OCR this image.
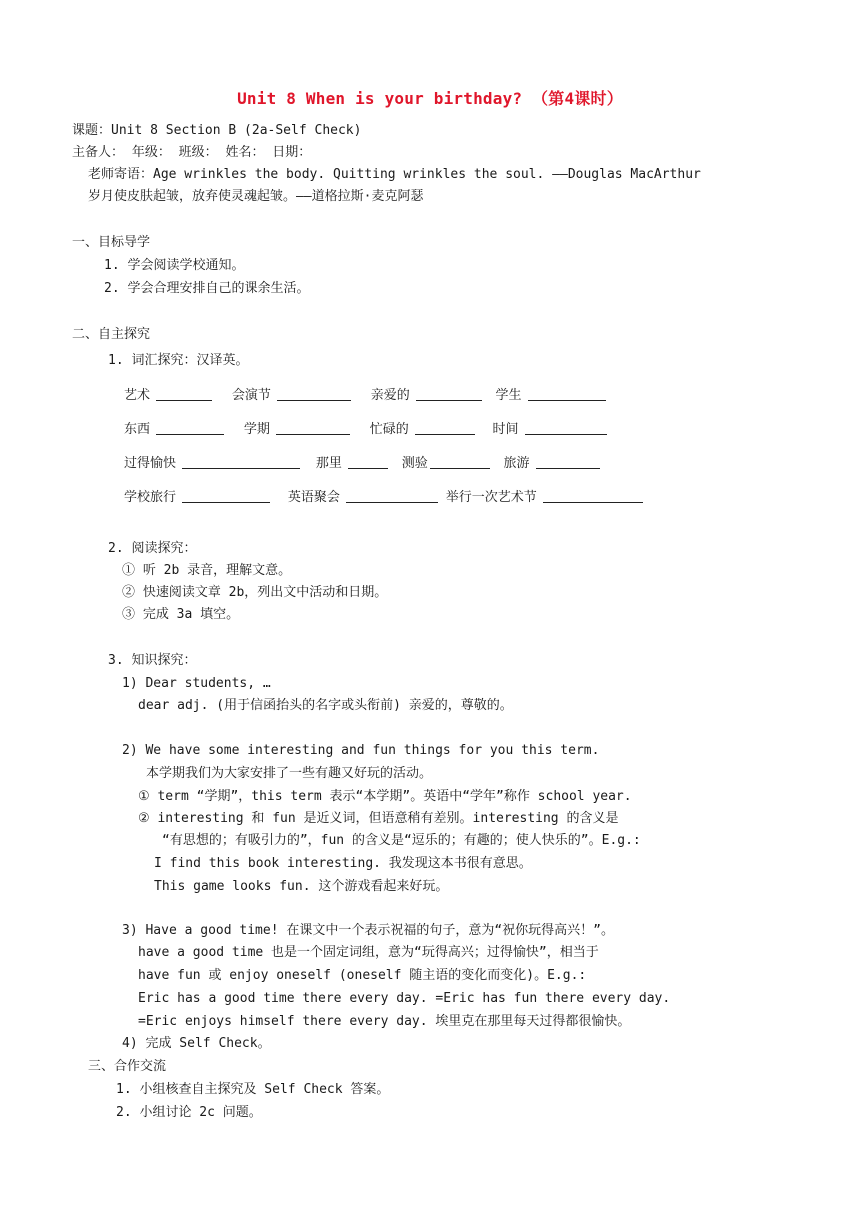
Unit 8 When is your birthday? （第4课时）
课题：Unit 8 Section B (2a-Self Check)
主备人： 年级： 班级： 姓名： 日期：
老师寄语：Age wrinkles the body. Quitting wrinkles the soul. ——Douglas MacArthur
岁月使皮肤起皱，放弃使灵魂起皱。——道格拉斯·麦克阿瑟
一、目标导学
1. 学会阅读学校通知。
2. 学会合理安排自己的课余生活。
二、自主探究
1. 词汇探究：汉译英。
艺术	会演节	亲爱的	学生
东西	学期	忙碌的	时间
过得愉快	那里	测验	旅游
学校旅行	英语聚会	举行一次艺术节
2. 阅读探究：
① 听 2b 录音，理解文意。
② 快速阅读文章 2b，列出文中活动和日期。
③ 完成 3a 填空。
3. 知识探究：
1) Dear students, …
dear adj. (用于信函抬头的名字或头衔前) 亲爱的，尊敬的。
2) We have some interesting and fun things for you this term.
本学期我们为大家安排了一些有趣又好玩的活动。
① term “学期”，this term 表示“本学期”。英语中“学年”称作 school year.
② interesting 和 fun 是近义词，但语意稍有差别。interesting 的含义是
“有思想的；有吸引力的”，fun 的含义是“逗乐的；有趣的；使人快乐的”。E.g.:
I find this book interesting. 我发现这本书很有意思。
This game looks fun. 这个游戏看起来好玩。
3) Have a good time! 在课文中一个表示祝福的句子，意为“祝你玩得高兴！”。
have a good time 也是一个固定词组，意为“玩得高兴；过得愉快”，相当于
have fun 或 enjoy oneself (oneself 随主语的变化而变化)。E.g.:
Eric has a good time there every day. =Eric has fun there every day.
=Eric enjoys himself there every day. 埃里克在那里每天过得都很愉快。
4) 完成 Self Check。
三、合作交流
1. 小组核查自主探究及 Self Check 答案。
2. 小组讨论 2c 问题。
